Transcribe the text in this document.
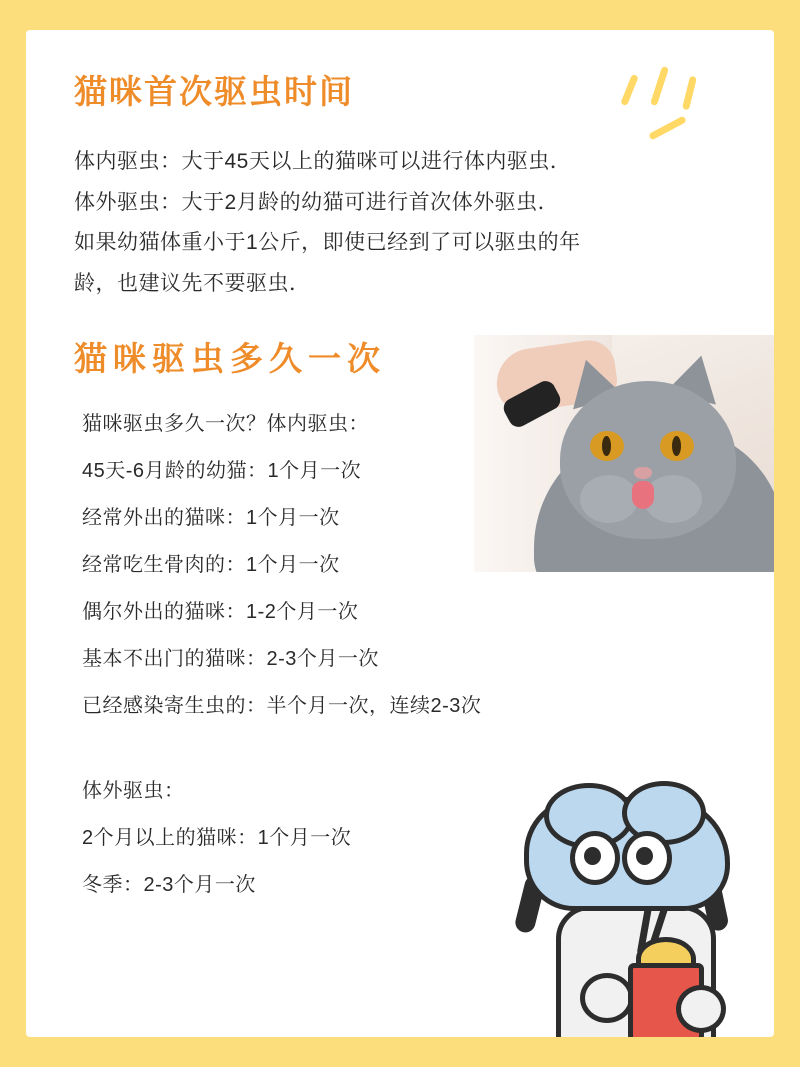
猫咪首次驱虫时间

体内驱虫：大于45天以上的猫咪可以进行体内驱虫．
体外驱虫：大于2月龄的幼猫可进行首次体外驱虫．
如果幼猫体重小于1公斤，即使已经到了可以驱虫的年
龄，也建议先不要驱虫．

猫咪驱虫多久一次
猫咪驱虫多久一次？体内驱虫：
45天-6月龄的幼猫：1个月一次
经常外出的猫咪：1个月一次
经常吃生骨肉的：1个月一次
偶尔外出的猫咪：1-2个月一次
基本不出门的猫咪：2-3个月一次
已经感染寄生虫的：半个月一次，连续2-3次
体外驱虫：
2个月以上的猫咪：1个月一次
冬季：2-3个月一次
